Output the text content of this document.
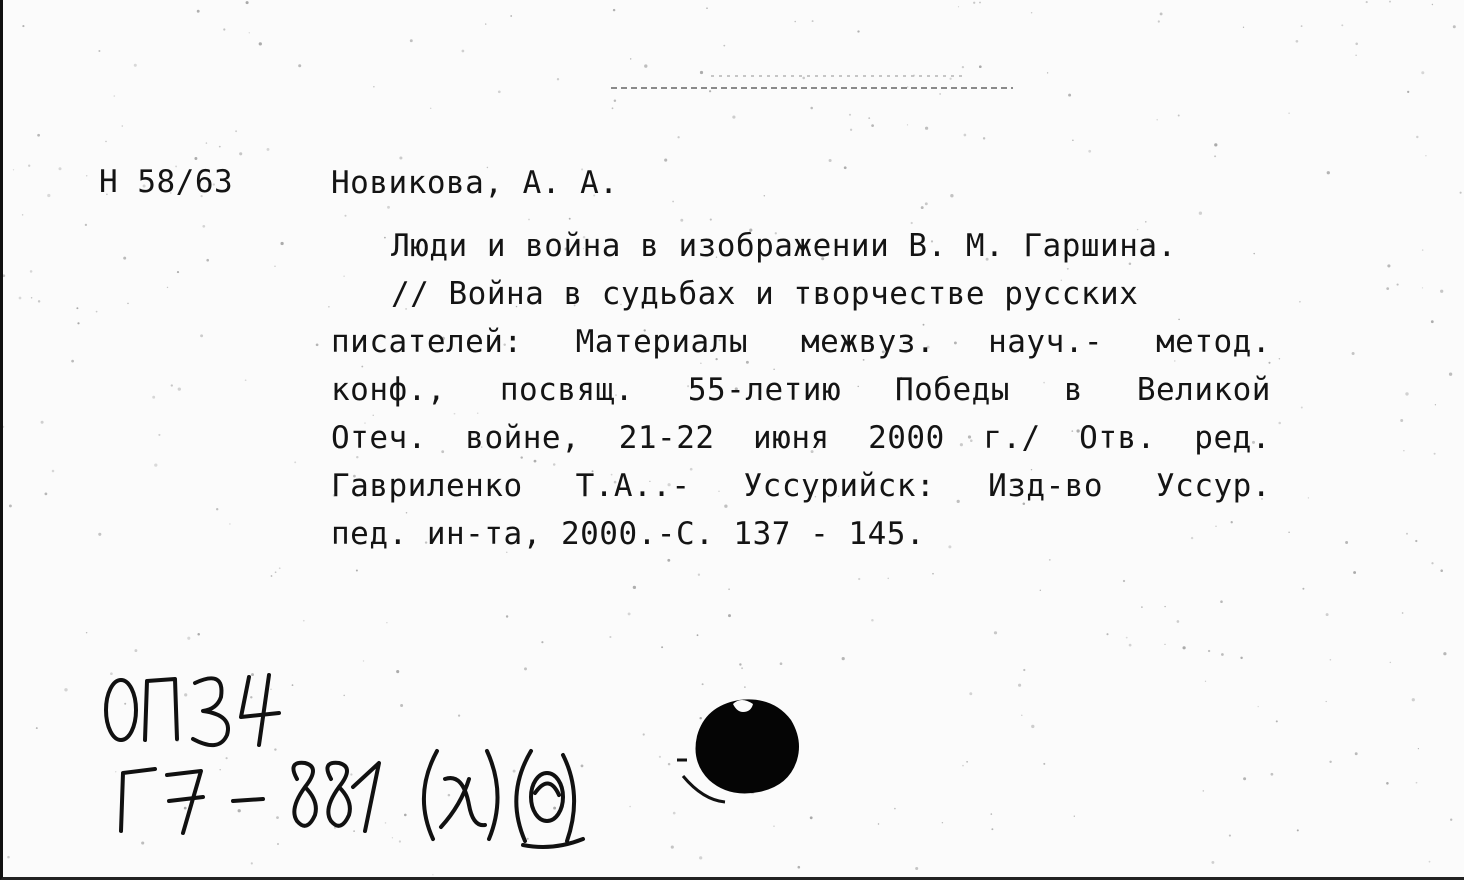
Н 58/63	Новикова, А. А.
Люди и война в изображении В. М. Гаршина.
// Война в судьбах и творчестве русских
писателей: Материалы межвуз. науч.- метод.
конф., посвящ. 55-летию Победы в Великой
Отеч. войне, 21-22 июня 2000 г./ Отв. ред.
Гавриленко Т.А..- Уссурийск: Изд-во Уссур.
пед. ин-та, 2000.-С. 137 - 145.
